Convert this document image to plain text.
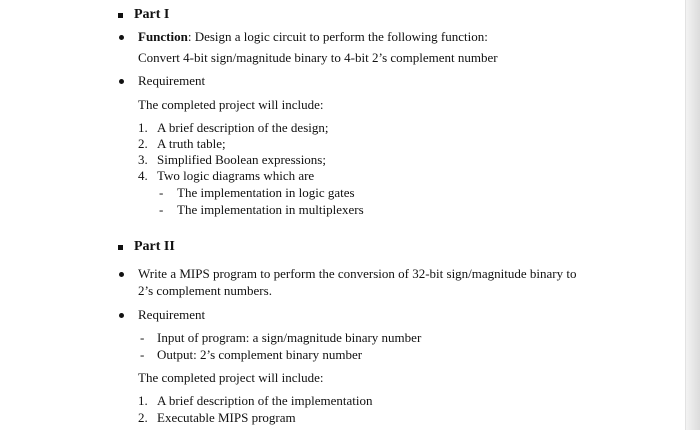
Part I
Function: Design a logic circuit to perform the following function:
Convert 4-bit sign/magnitude binary to 4-bit 2’s complement number
Requirement
The completed project will include:
1. A brief description of the design;
2. A truth table;
3. Simplified Boolean expressions;
4. Two logic diagrams which are
- The implementation in logic gates
- The implementation in multiplexers
Part II
Write a MIPS program to perform the conversion of 32-bit sign/magnitude binary to
2’s complement numbers.
Requirement
- Input of program: a sign/magnitude binary number
- Output: 2’s complement binary number
The completed project will include:
1. A brief description of the implementation
2. Executable MIPS program
